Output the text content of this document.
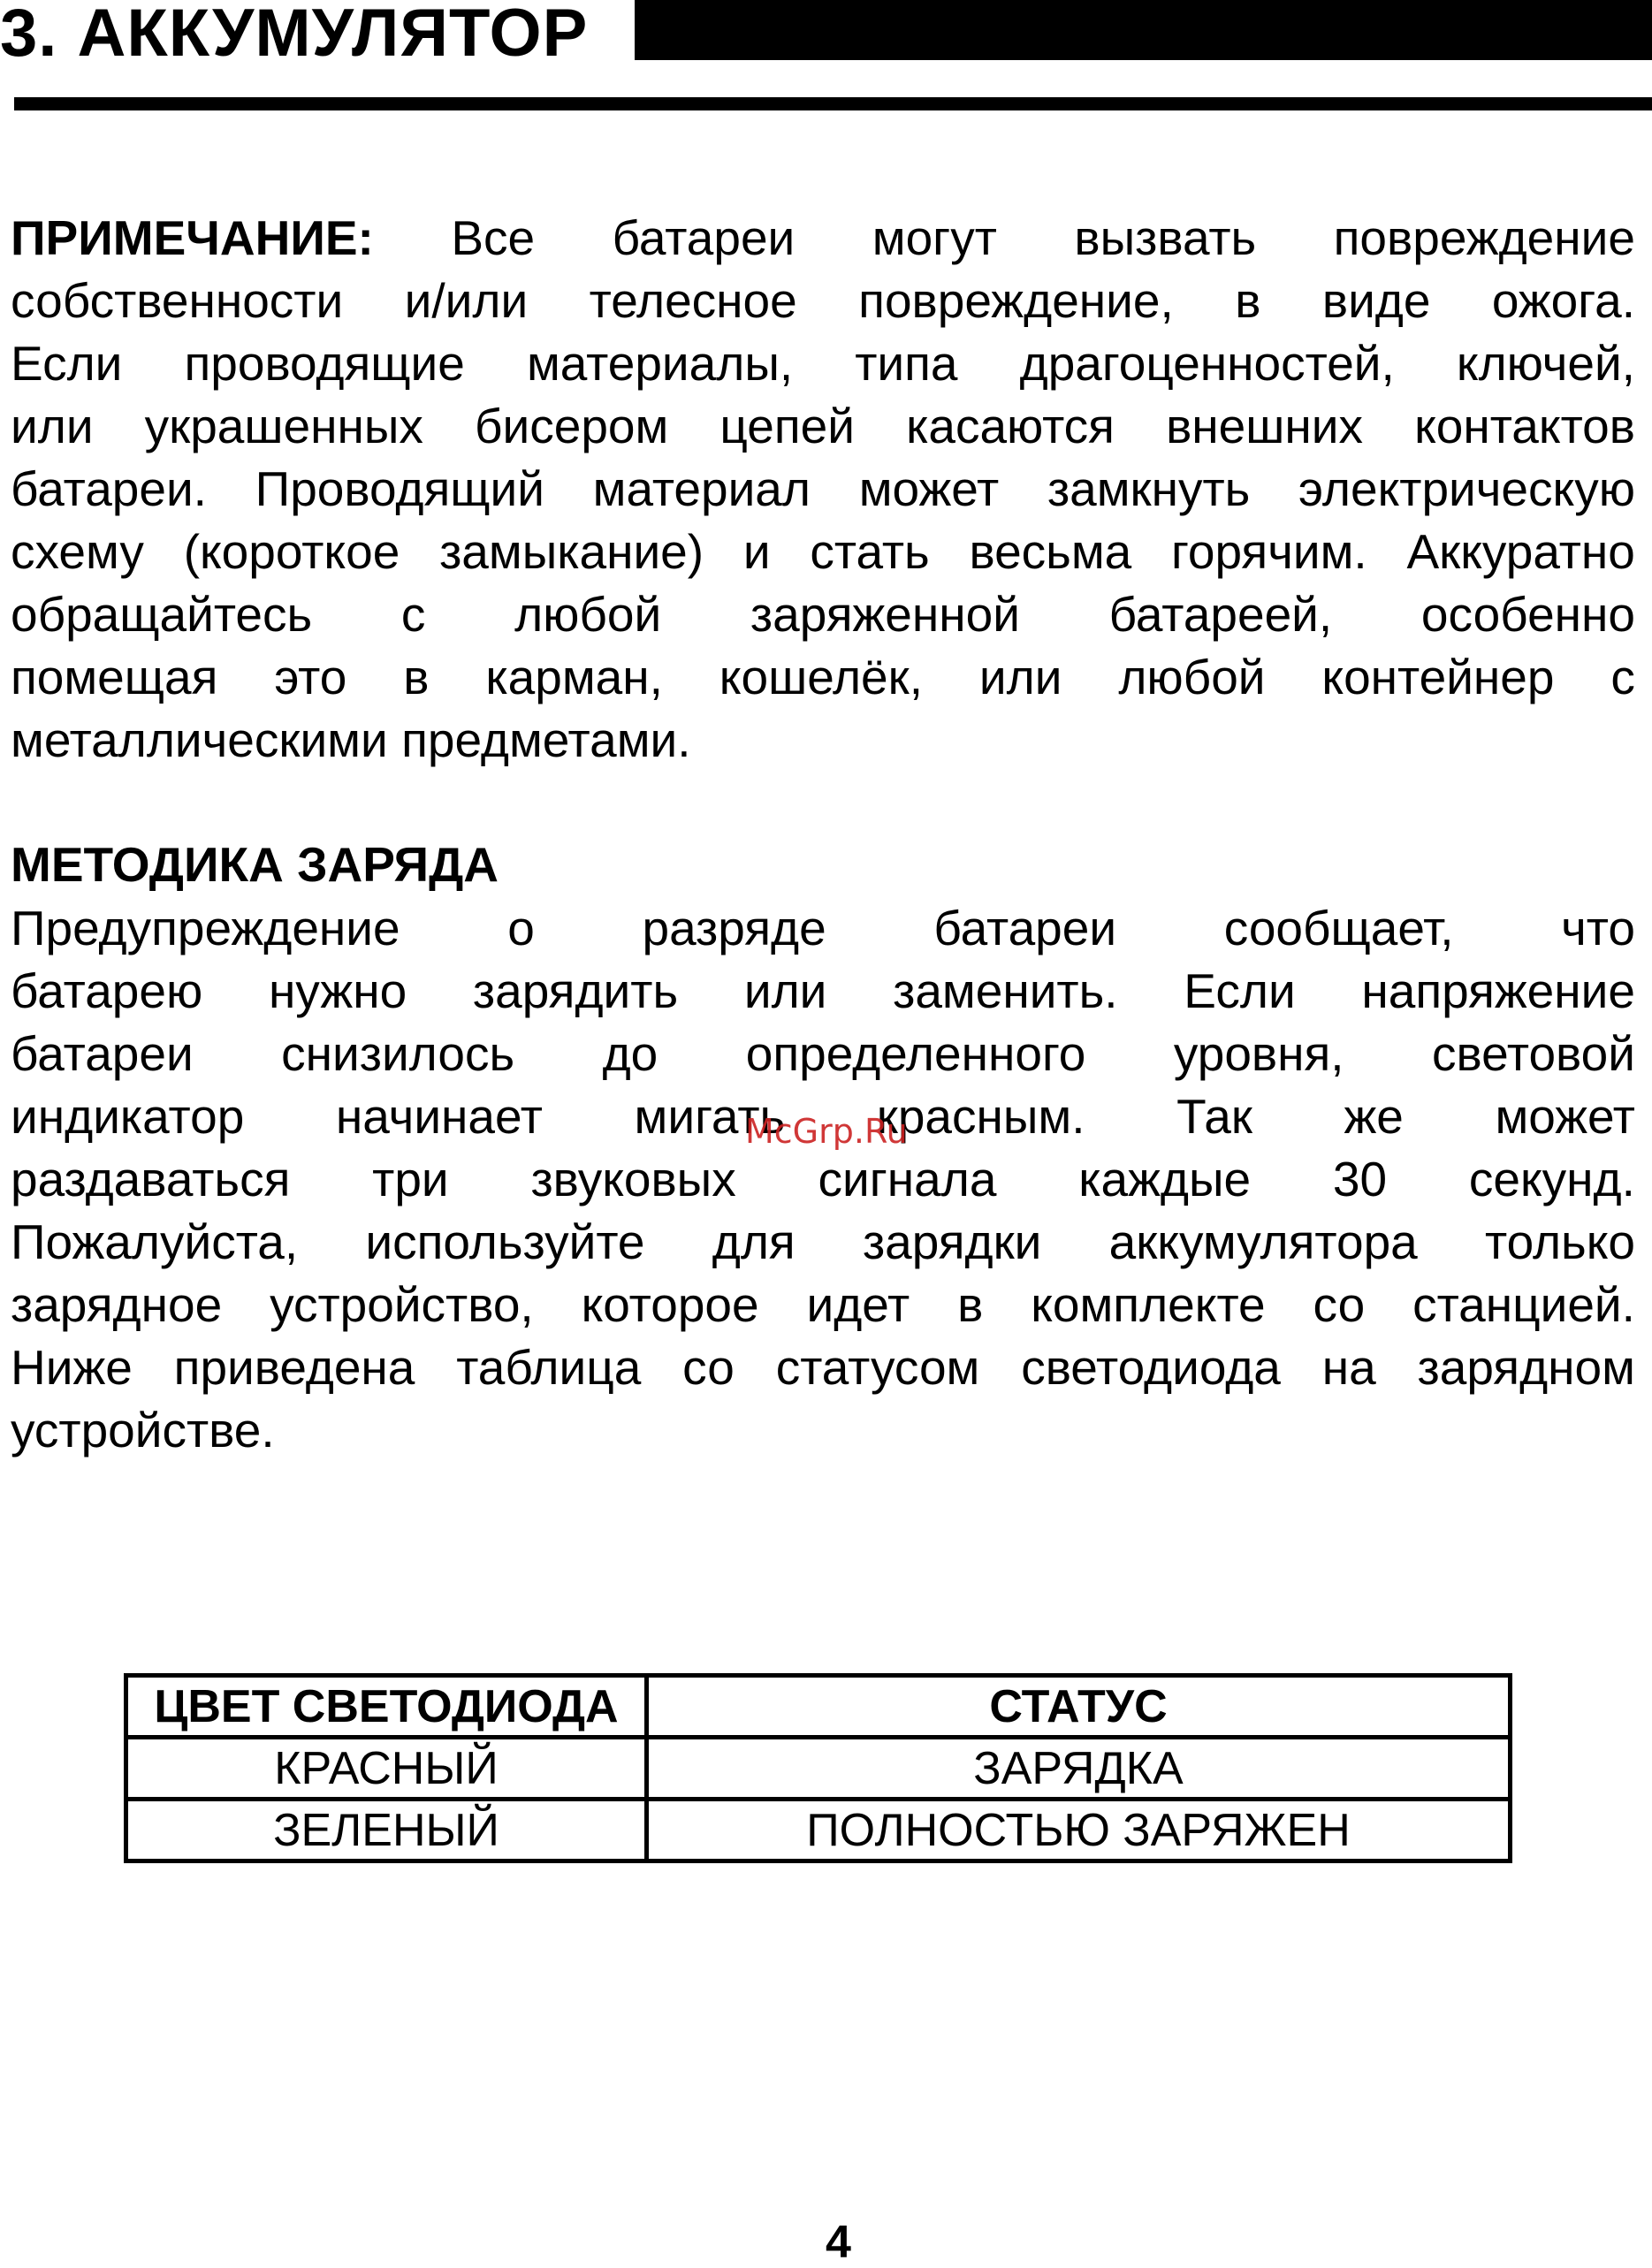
3. АККУМУЛЯТОР
ПРИМЕЧАНИЕ: Все батареи могут вызвать повреждение
собственности и/или телесное повреждение, в виде ожога.
Если проводящие материалы, типа драгоценностей, ключей,
или украшенных бисером цепей касаются внешних контактов
батареи. Проводящий материал может замкнуть электрическую
схему (короткое замыкание) и стать весьма горячим. Аккуратно
обращайтесь с любой заряженной батареей, особенно
помещая это в карман, кошелёк, или любой контейнер с
металлическими предметами.
МЕТОДИКА ЗАРЯДА
Предупреждение о разряде батареи сообщает, что
батарею нужно зарядить или заменить. Если напряжение
батареи снизилось до определенного уровня, световой
индикатор начинает мигать красным. Так же может
раздаваться три звуковых сигнала каждые 30 секунд.
Пожалуйста, используйте для зарядки аккумулятора только
зарядное устройство, которое идет в комплекте со станцией.
Ниже приведена таблица со статусом светодиода на зарядном
устройстве.
McGrp.Ru
ЦВЕТ СВЕТОДИОДА	СТАТУС
КРАСНЫЙ	ЗАРЯДКА
ЗЕЛЕНЫЙ	ПОЛНОСТЬЮ ЗАРЯЖЕН
4
